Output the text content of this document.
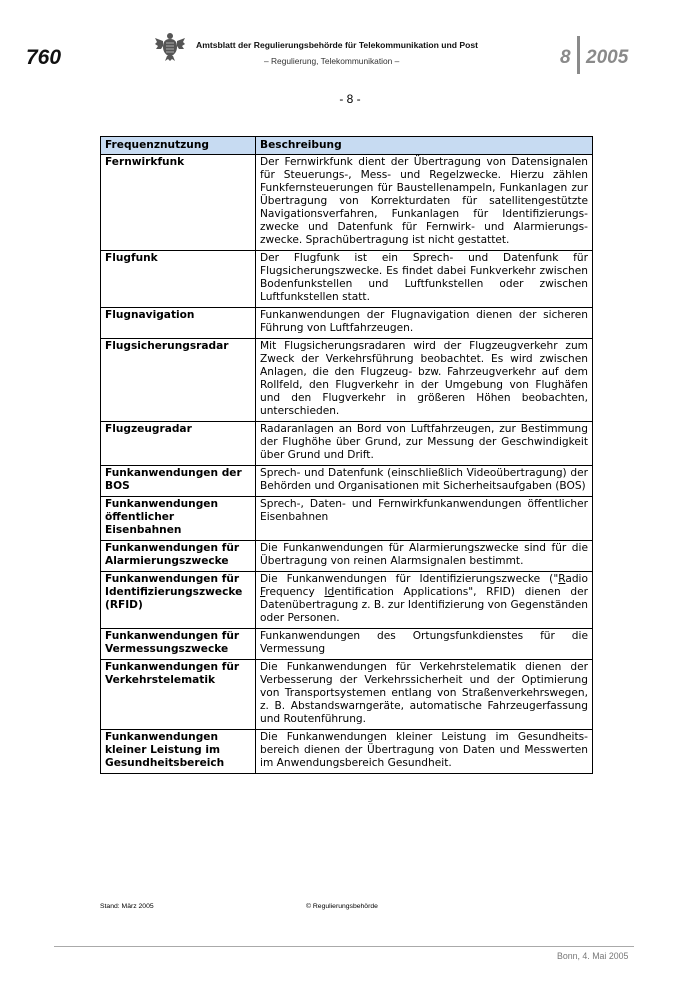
760
Amtsblatt der Regulierungsbehörde für Telekommunikation und Post
– Regulierung, Telekommunikation –	8 2005
- 8 -
Frequenznutzung	Beschreibung
Fernwirkfunk	Der Fernwirkfunk dient der Übertragung von Datensignalen für Steuerungs-, Mess- und Regelzwecke. Hierzu zählen Funkfernsteuerungen für Baustellenampeln, Funkanlagen zur Übertragung von Korrekturdaten für satellitengestützte Navigationsverfahren, Funkanlagen für Identifizierungs-zwecke und Datenfunk für Fernwirk- und Alarmierungs-zwecke. Sprachübertragung ist nicht gestattet.
Flugfunk	Der Flugfunk ist ein Sprech- und Datenfunk für Flugsicherungszwecke. Es findet dabei Funkverkehr zwischen Bodenfunkstellen und Luftfunkstellen oder zwischen Luftfunkstellen statt.
Flugnavigation	Funkanwendungen der Flugnavigation dienen der sicheren Führung von Luftfahrzeugen.
Flugsicherungsradar	Mit Flugsicherungsradaren wird der Flugzeugverkehr zum Zweck der Verkehrsführung beobachtet. Es wird zwischen Anlagen, die den Flugzeug- bzw. Fahrzeugverkehr auf dem Rollfeld, den Flugverkehr in der Umgebung von Flughäfen und den Flugverkehr in größeren Höhen beobachten, unterschieden.
Flugzeugradar	Radaranlagen an Bord von Luftfahrzeugen, zur Bestimmung der Flughöhe über Grund, zur Messung der Geschwindigkeit über Grund und Drift.
Funkanwendungen der BOS	Sprech- und Datenfunk (einschließlich Videoübertragung) der Behörden und Organisationen mit Sicherheitsaufgaben (BOS)
Funkanwendungen öffentlicher Eisenbahnen	Sprech-, Daten- und Fernwirkfunkanwendungen öffentlicher Eisenbahnen
Funkanwendungen für Alarmierungszwecke	Die Funkanwendungen für Alarmierungszwecke sind für die Übertragung von reinen Alarmsignalen bestimmt.
Funkanwendungen für Identifizierungszwecke (RFID)	Die Funkanwendungen für Identifizierungszwecke ("Radio Frequency Identification Applications", RFID) dienen der Datenübertragung z. B. zur Identifizierung von Gegenständen oder Personen.
Funkanwendungen für Vermessungszwecke	Funkanwendungen des Ortungsfunkdienstes für die Vermessung
Funkanwendungen für Verkehrstelematik	Die Funkanwendungen für Verkehrstelematik dienen der Verbesserung der Verkehrssicherheit und der Optimierung von Transportsystemen entlang von Straßenverkehrswegen, z. B. Abstandswarngeräte, automatische Fahrzeugerfassung und Routenführung.
Funkanwendungen kleiner Leistung im Gesundheitsbereich	Die Funkanwendungen kleiner Leistung im Gesundheits-bereich dienen der Übertragung von Daten und Messwerten im Anwendungsbereich Gesundheit.
Stand: März 2005	© Regulierungsbehörde
Bonn, 4. Mai 2005
